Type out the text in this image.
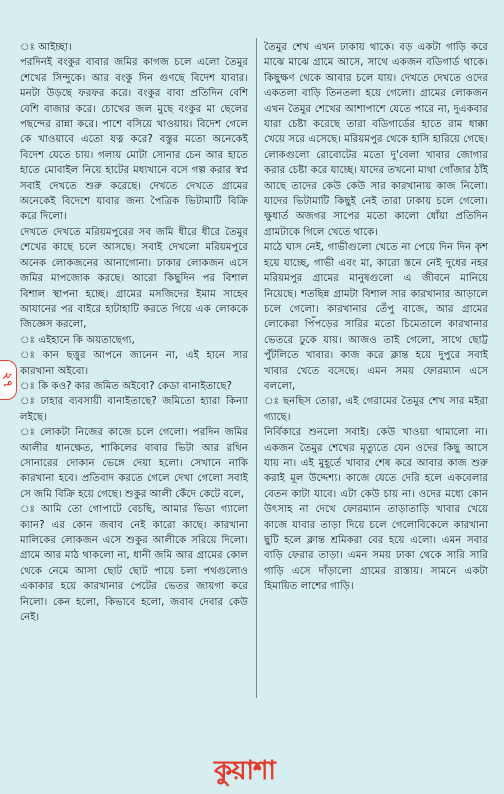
ঃ আইচ্ছা।

পরদিনই বংকুর বাবার জমির কাগজ চলে এলো তৈমুর শেখের সিন্দুকে। আর বংকু দিন গুণছে বিদেশ যাবার। মনটা উড়ছে ফরফর করে। বংকুর বাবা প্রতিদিন বেশি বেশি বাজার করে। চোখের জল মুছে বংকুর মা ছেলের পছন্দের রান্না করে। পাশে বসিয়ে খাওয়ায়। বিদেশ গেলে কে খাওয়াবে এতো যত্ন করে? বস্তুর মতো অনেকেই বিদেশ যেতে চায়। গলায় মোটা সোনার চেন আর হাতে হাতে মোবাইল নিয়ে হাটের মধ্যখানে বসে গল্প করার স্বপ্ন সবাই দেখতে শুরু করেছে। দেখতে দেখতে গ্রামের অনেকেই বিদেশে যাবার জন্য পৈত্রিক ভিটামাটি বিক্রি করে দিলো।

দেখতে দেখতে মরিয়মপুরের সব জমি ধীরে ধীরে তৈমুর শেখের কাছে চলে আসছে। সবাই দেখলো মরিয়মপুরে অনেক লোকজনের আনাগোনা। ঢাকার লোকজন এসে জমির মাপজোক করছে। আরো কিছুদিন পর বিশাল বিশাল স্থাপনা হচ্ছে। গ্রামের মসজিদের ইমাম সাহেব আযানের পর বাইরে হাটাহাটি করতে গিয়ে এক লোককে জিজ্ঞেস করলো,

ঃ এইহানে কি অয়তাছেগ্য,

ঃ কান ছত্তুর আপনে জানেন না, এই হানে সার কারখানা অইবো।

ঃ কি কও? কার জমিত অইবো? কেডা বানাইতাছে?

ঃ ঢাহার ব্যবসায়ী বানাইতাছে? জমিতো হ্যারা কিন্যা লইছে।

ঃ লোকটা নিজের কাজে চলে গেলো। পরদিন জমির আলীর ধানক্ষেত, শাকিলের বাবার ভিটা আর রথিন সোনারের দোকান ভেঙ্গে দেয়া হলো। সেখানে নাকি কারখানা হবে। প্রতিবাদ করতে গেলে দেখা গেলো সবাই সে জমি বিক্রি হয়ে গেছে। শুকুর আলী কেঁদে কেটে বলে,

ঃ আমি তো গোপাটে বেচছি, আমার ভিডা গ্যালো ক্যান? এর কোন জবাব নেই কারো কাছে। কারখানা মালিকের লোকজন এসে শুকুর আলীকে সরিয়ে দিলো। গ্রামে আর মাঠ থাকলো না, ধানী জমি আর গ্রামের কোল থেকে নেমে আসা ছোট ছোট পায়ে চলা পথগুলোও একাকার হয়ে কারখানার পেটের ভেতর জায়গা করে নিলো। কেন হলো, কিভাবে হলো, জবাব দেবার কেউ নেই।

তৈমুর শেখ এখন ঢাকায় থাকে। বড় একটা গাড়ি করে মাঝে মাঝে গ্রামে আসে, সাথে একজন বডিগার্ড থাকে। কিছুক্ষণ থেকে আবার চলে যায়। দেখতে দেখতে ওদের একতলা বাড়ি তিনতলা হয়ে গেলো। গ্রামের লোকজন এখন তৈমুর শেখের আশাপাশে যেতে পারে না, দুএকবার যারা চেষ্টা করেছে তারা বডিগার্ডের হাতে রাম ধাক্কা খেয়ে সরে এসেছে। মরিয়মপুর থেকে হাসি হারিয়ে গেছে। লোকগুলো রোবোটের মতো দু'বেলা খাবার জোগার করার চেষ্টা করে যাচ্ছে। যাদের তখনো মাথা গোঁজার ঠাঁই আছে তাদের কেউ কেউ সার কারখানায় কাজ নিলো। যাদের ভিটামাটি কিছুই নেই তারা ঢাকায় চলে গেলো। ক্ষুধার্ত অজগর সাপের মতো কালো ধোঁয়া প্রতিদিন গ্রামটাকে গিলে খেতে থাকে।

মাঠে ঘাস নেই, গাভীগুলো খেতে না পেয়ে দিন দিন কৃশ হয়ে যাচ্ছে, গাভী এবং মা, কারো স্তনে নেই দুধের নহর মরিয়মপুর গ্রামের মানুষগুলো এ জীবনে মানিয়ে নিয়েছে। শতছিন্ন গ্রামটা বিশাল সার কারখানার আড়ালে চলে গেলো। কারখানার তেঁপু বাজে, আর গ্রামের লোকেরা পিঁপড়ের সারির মতো চিমেতালে কারখানার ভেতরে ঢুকে যায়। আজও তাই গেলো, সাথে ছোট্ট পুঁটলিতে খাবার। কাজ করে ক্লান্ত হয়ে দুপুরে সবাই খাবার খেতে বসেছে। এমন সময় ফোরম্যান এসে বললো,

ঃ ছনছিস তোরা, এই গেরামের তৈমুর শেখ সার মইরা গ্যাছে।

নির্বিকারে শুনলো সবাই। কেউ খাওয়া থামালো না। একজন তৈমুর শেখের মৃত্যুতে যেন ওদের কিছু আসে যায় না। এই মুহূর্তে খাবার শেষ করে আবার কাজ শুরু করাই মূল উদ্দেশ্য। কাজে যেতে দেরি হলে একবেলার বেতন কাটা যাবে। এটা কেউ চায় না। ওদের মধ্যে কোন উৎসাহ না দেখে ফোরম্যান তাড়াতাড়ি খাবার খেয়ে কাজে যাবার তাড়া দিয়ে চলে গেলোবিকেলে কারখানা ছুটি হলে ক্লান্ত শ্রমিকরা বের হয়ে এলো। এমন সবার বাড়ি ফেরার তাড়া। এমন সময় ঢাকা থেকে সারি সারি গাড়ি এসে দাঁড়ালো গ্রামের রাস্তায়। সামনে একটা হিমায়িত লাশের গাড়ি।

২৭
কুয়াশা
